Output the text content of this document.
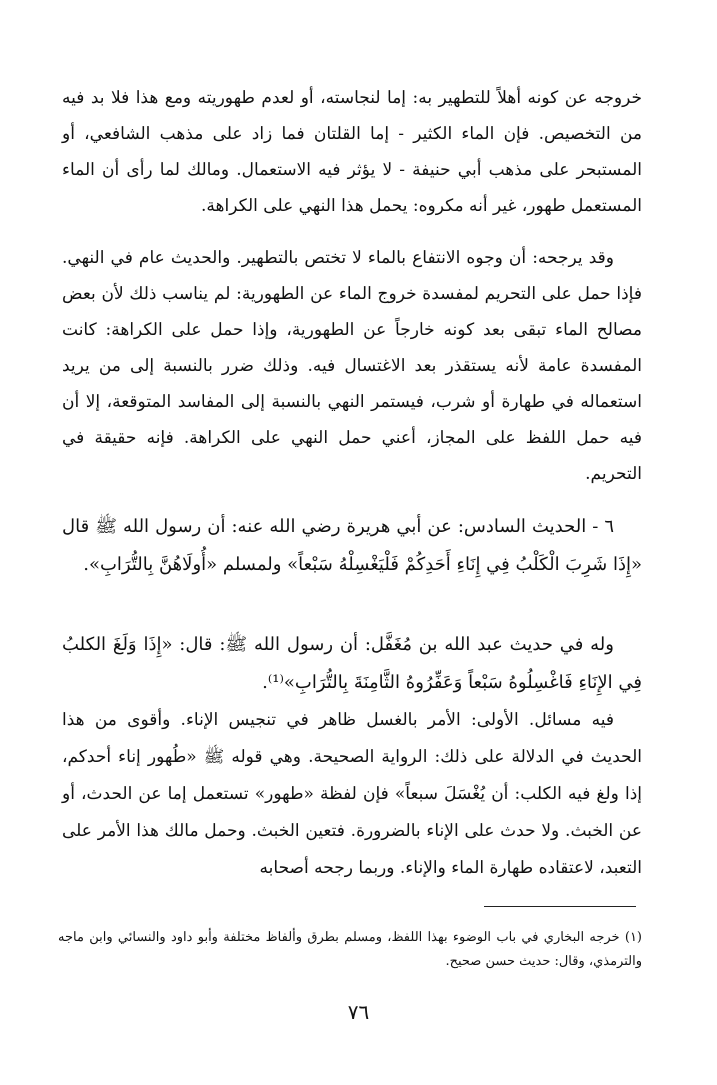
خروجه عن كونه أهلاً للتطهير به: إما لنجاسته، أو لعدم طهوريته ومع هذا فلا بد فيه من التخصيص. فإن الماء الكثير - إما القلتان فما زاد على مذهب الشافعي، أو المستبحر على مذهب أبي حنيفة - لا يؤثر فيه الاستعمال. ومالك لما رأى أن الماء المستعمل طهور، غير أنه مكروه: يحمل هذا النهي على الكراهة.

وقد يرجحه: أن وجوه الانتفاع بالماء لا تختص بالتطهير. والحديث عام في النهي. فإذا حمل على التحريم لمفسدة خروج الماء عن الطهورية: لم يناسب ذلك لأن بعض مصالح الماء تبقى بعد كونه خارجاً عن الطهورية، وإذا حمل على الكراهة: كانت المفسدة عامة لأنه يستقذر بعد الاغتسال فيه. وذلك ضرر بالنسبة إلى من يريد استعماله في طهارة أو شرب، فيستمر النهي بالنسبة إلى المفاسد المتوقعة، إلا أن فيه حمل اللفظ على المجاز، أعني حمل النهي على الكراهة. فإنه حقيقة في التحريم.

٦ - الحديث السادس: عن أبي هريرة رضي الله عنه: أن رسول الله ﷺ قال «إِذَا شَرِبَ الْكَلْبُ فِي إِنَاءِ أَحَدِكُمْ فَلْيَغْسِلْهُ سَبْعاً» ولمسلم «أُولَاهُنَّ بِالتُّرَابِ».

وله في حديث عبد الله بن مُغَفَّل: أن رسول الله ﷺ: قال: «إِذَا وَلَغَ الكلبُ فِي الإِنَاءِ فَاغْسِلُوهُ سَبْعاً وَعَفِّرُوهُ الثَّامِنَةَ بِالتُّرَابِ»⁽¹⁾.

فيه مسائل. الأولى: الأمر بالغسل ظاهر في تنجيس الإناء. وأقوى من هذا الحديث في الدلالة على ذلك: الرواية الصحيحة. وهي قوله ﷺ «طُهور إناء أحدكم، إذا ولغ فيه الكلب: أن يُغْسَلَ سبعاً» فإن لفظة «طهور» تستعمل إما عن الحدث، أو عن الخبث. ولا حدث على الإناء بالضرورة. فتعين الخبث. وحمل مالك هذا الأمر على التعبد، لاعتقاده طهارة الماء والإناء. وربما رجحه أصحابه

(١) خرجه البخاري في باب الوضوء بهذا اللفظ، ومسلم بطرق وألفاظ مختلفة وأبو داود والنسائي وابن ماجه والترمذي، وقال: حديث حسن صحيح.

٧٦
